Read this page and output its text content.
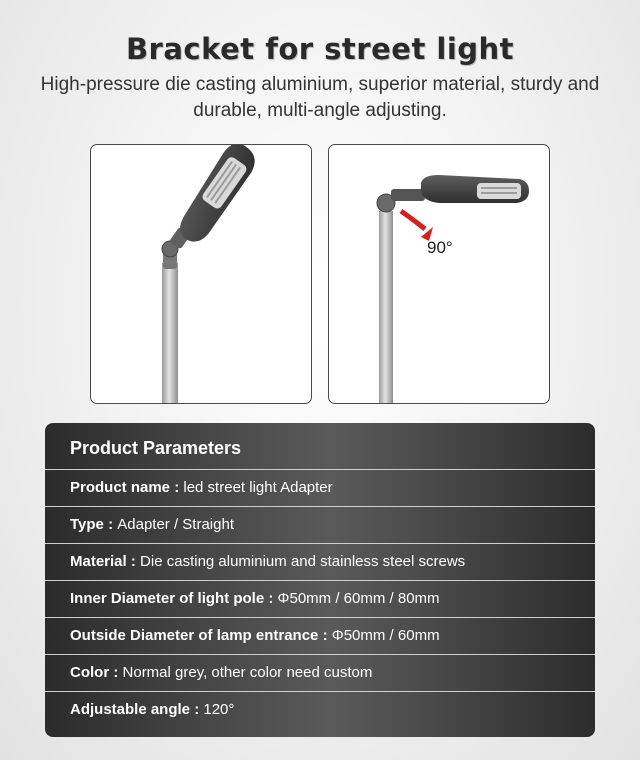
Bracket for street light
High-pressure die casting aluminium, superior material, sturdy and durable, multi-angle adjusting.
90°
Product Parameters
Product name : led street light Adapter
Type : Adapter / Straight
Material : Die casting aluminium and stainless steel screws
Inner Diameter of light pole : Φ50mm / 60mm / 80mm
Outside Diameter of lamp entrance : Φ50mm / 60mm
Color : Normal grey, other color need custom
Adjustable angle : 120°
